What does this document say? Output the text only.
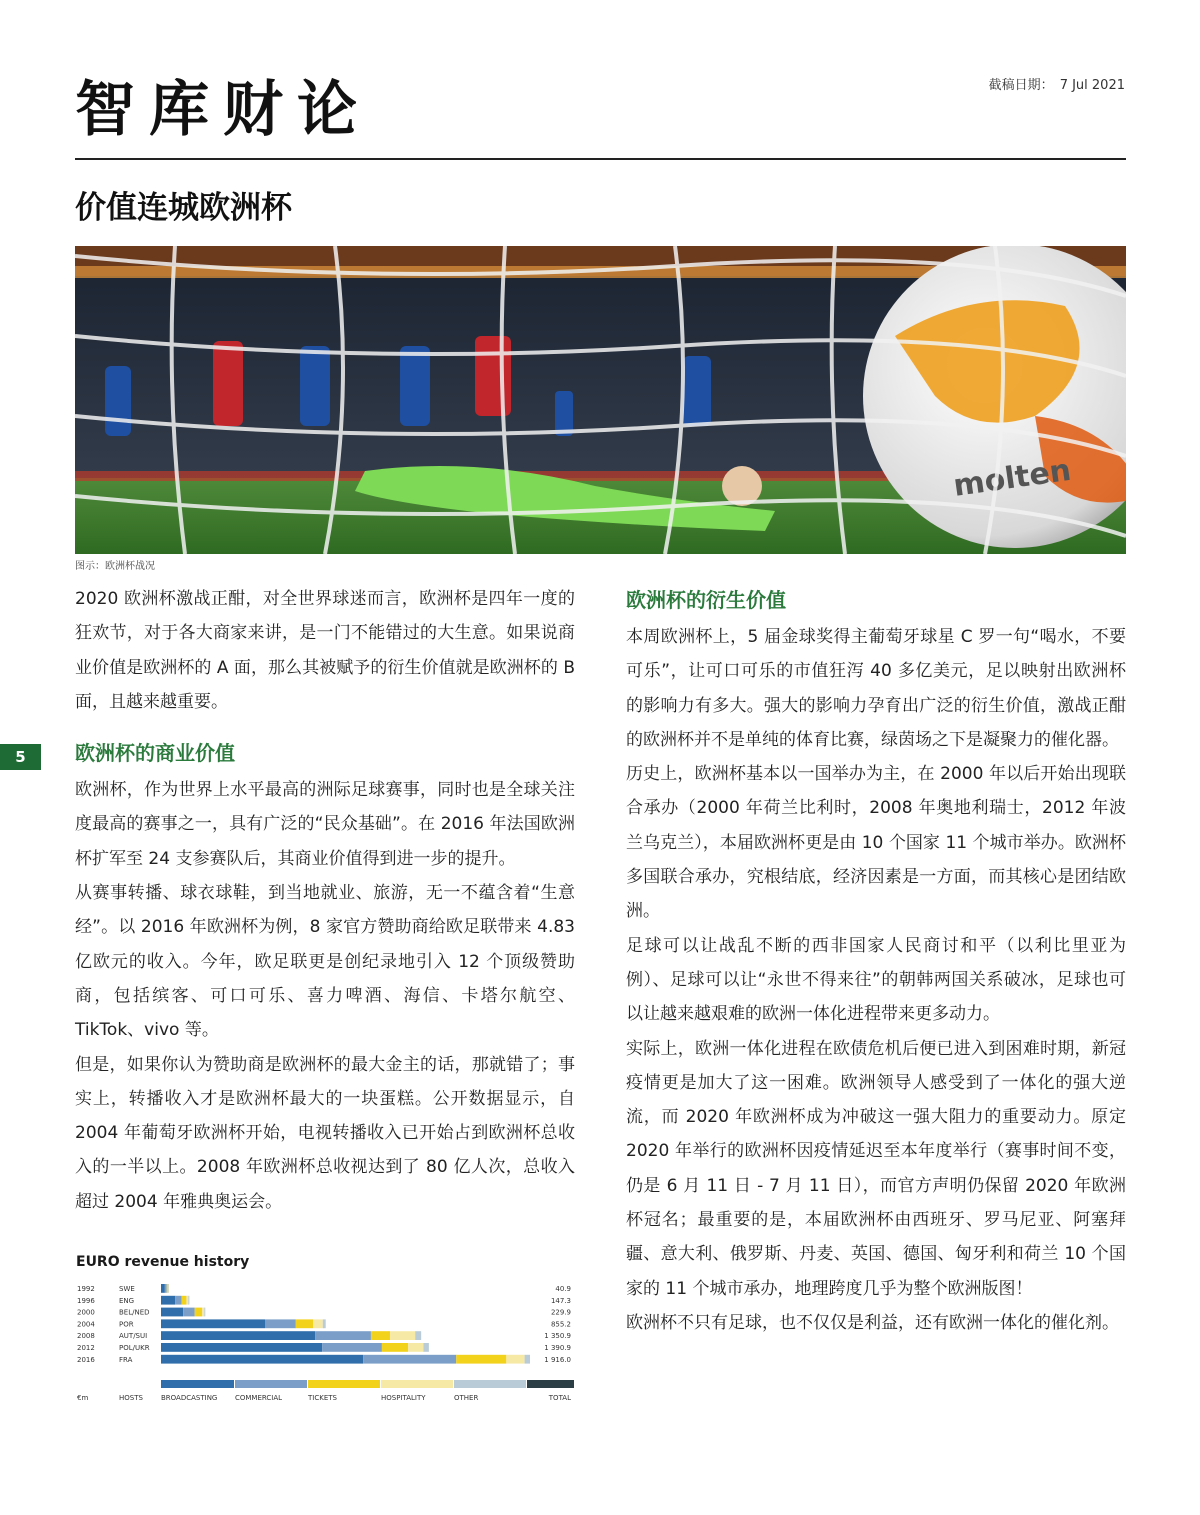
智库财论	截稿日期： 7 Jul 2021
价值连城欧洲杯
molten
图示：欧洲杯战况
5

2020 欧洲杯激战正酣，对全世界球迷而言，欧洲杯是四年一度的狂欢节，对于各大商家来讲，是一门不能错过的大生意。如果说商业价值是欧洲杯的 A 面，那么其被赋予的衍生价值就是欧洲杯的 B 面，且越来越重要。

欧洲杯的商业价值

欧洲杯，作为世界上水平最高的洲际足球赛事，同时也是全球关注度最高的赛事之一，具有广泛的“民众基础”。在 2016 年法国欧洲杯扩军至 24 支参赛队后，其商业价值得到进一步的提升。

从赛事转播、球衣球鞋，到当地就业、旅游，无一不蕴含着“生意经”。以 2016 年欧洲杯为例，8 家官方赞助商给欧足联带来 4.83 亿欧元的收入。今年，欧足联更是创纪录地引入 12 个顶级赞助商，包括缤客、可口可乐、喜力啤酒、海信、卡塔尔航空、TikTok、vivo 等。

但是，如果你认为赞助商是欧洲杯的最大金主的话，那就错了；事实上，转播收入才是欧洲杯最大的一块蛋糕。公开数据显示，自 2004 年葡萄牙欧洲杯开始，电视转播收入已开始占到欧洲杯总收入的一半以上。2008 年欧洲杯总收视达到了 80 亿人次，总收入超过 2004 年雅典奥运会。

EURO revenue history
1992	SWE	40.9
1996	ENG	147.3
2000	BEL/NED	229.9
2004	POR	855.2
2008	AUT/SUI	1 350.9
2012	POL/UKR	1 390.9
2016	FRA	1 916.0
€m	HOSTS	BROADCASTING	COMMERCIAL	TICKETS	HOSPITALITY	OTHER	TOTAL
欧洲杯的衍生价值

本周欧洲杯上，5 届金球奖得主葡萄牙球星 C 罗一句“喝水，不要可乐”，让可口可乐的市值狂泻 40 多亿美元，足以映射出欧洲杯的影响力有多大。强大的影响力孕育出广泛的衍生价值，激战正酣的欧洲杯并不是单纯的体育比赛，绿茵场之下是凝聚力的催化器。

历史上，欧洲杯基本以一国举办为主，在 2000 年以后开始出现联合承办（2000 年荷兰比利时，2008 年奥地利瑞士，2012 年波兰乌克兰），本届欧洲杯更是由 10 个国家 11 个城市举办。欧洲杯多国联合承办，究根结底，经济因素是一方面，而其核心是团结欧洲。

足球可以让战乱不断的西非国家人民商讨和平（以利比里亚为例）、足球可以让“永世不得来往”的朝韩两国关系破冰，足球也可以让越来越艰难的欧洲一体化进程带来更多动力。

实际上，欧洲一体化进程在欧债危机后便已进入到困难时期，新冠疫情更是加大了这一困难。欧洲领导人感受到了一体化的强大逆流，而 2020 年欧洲杯成为冲破这一强大阻力的重要动力。原定 2020 年举行的欧洲杯因疫情延迟至本年度举行（赛事时间不变，仍是 6 月 11 日 - 7 月 11 日），而官方声明仍保留 2020 年欧洲杯冠名；最重要的是，本届欧洲杯由西班牙、罗马尼亚、阿塞拜疆、意大利、俄罗斯、丹麦、英国、德国、匈牙利和荷兰 10 个国家的 11 个城市承办，地理跨度几乎为整个欧洲版图！

欧洲杯不只有足球，也不仅仅是利益，还有欧洲一体化的催化剂。
